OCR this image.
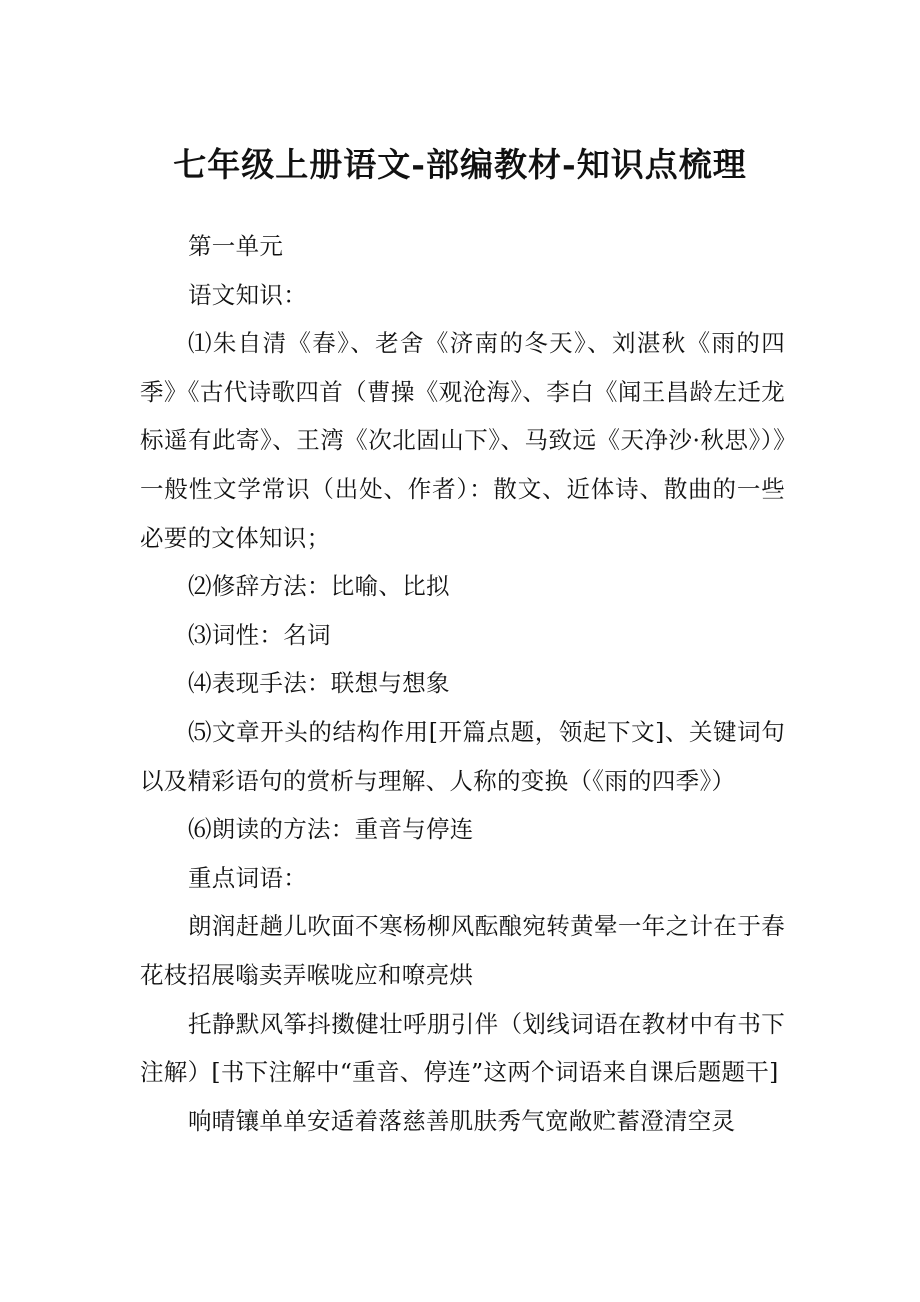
七年级上册语文-部编教材-知识点梳理

第一单元

语文知识：

⑴朱自清《春》、老舍《济南的冬天》、刘湛秋《雨的四季》《古代诗歌四首（曹操《观沧海》、李白《闻王昌龄左迁龙标遥有此寄》、王湾《次北固山下》、马致远《天净沙·秋思》）》一般性文学常识（出处、作者）：散文、近体诗、散曲的一些必要的文体知识；

⑵修辞方法：比喻、比拟

⑶词性：名词

⑷表现手法：联想与想象

⑸文章开头的结构作用[开篇点题，领起下文]、关键词句以及精彩语句的赏析与理解、人称的变换（《雨的四季》）

⑹朗读的方法：重音与停连

重点词语：

朗润赶趟儿吹面不寒杨柳风酝酿宛转黄晕一年之计在于春花枝招展嗡卖弄喉咙应和嘹亮烘

托静默风筝抖擞健壮呼朋引伴（划线词语在教材中有书下注解）[书下注解中“重音、停连”这两个词语来自课后题题干]

响晴镶单单安适着落慈善肌肤秀气宽敞贮蓄澄清空灵
